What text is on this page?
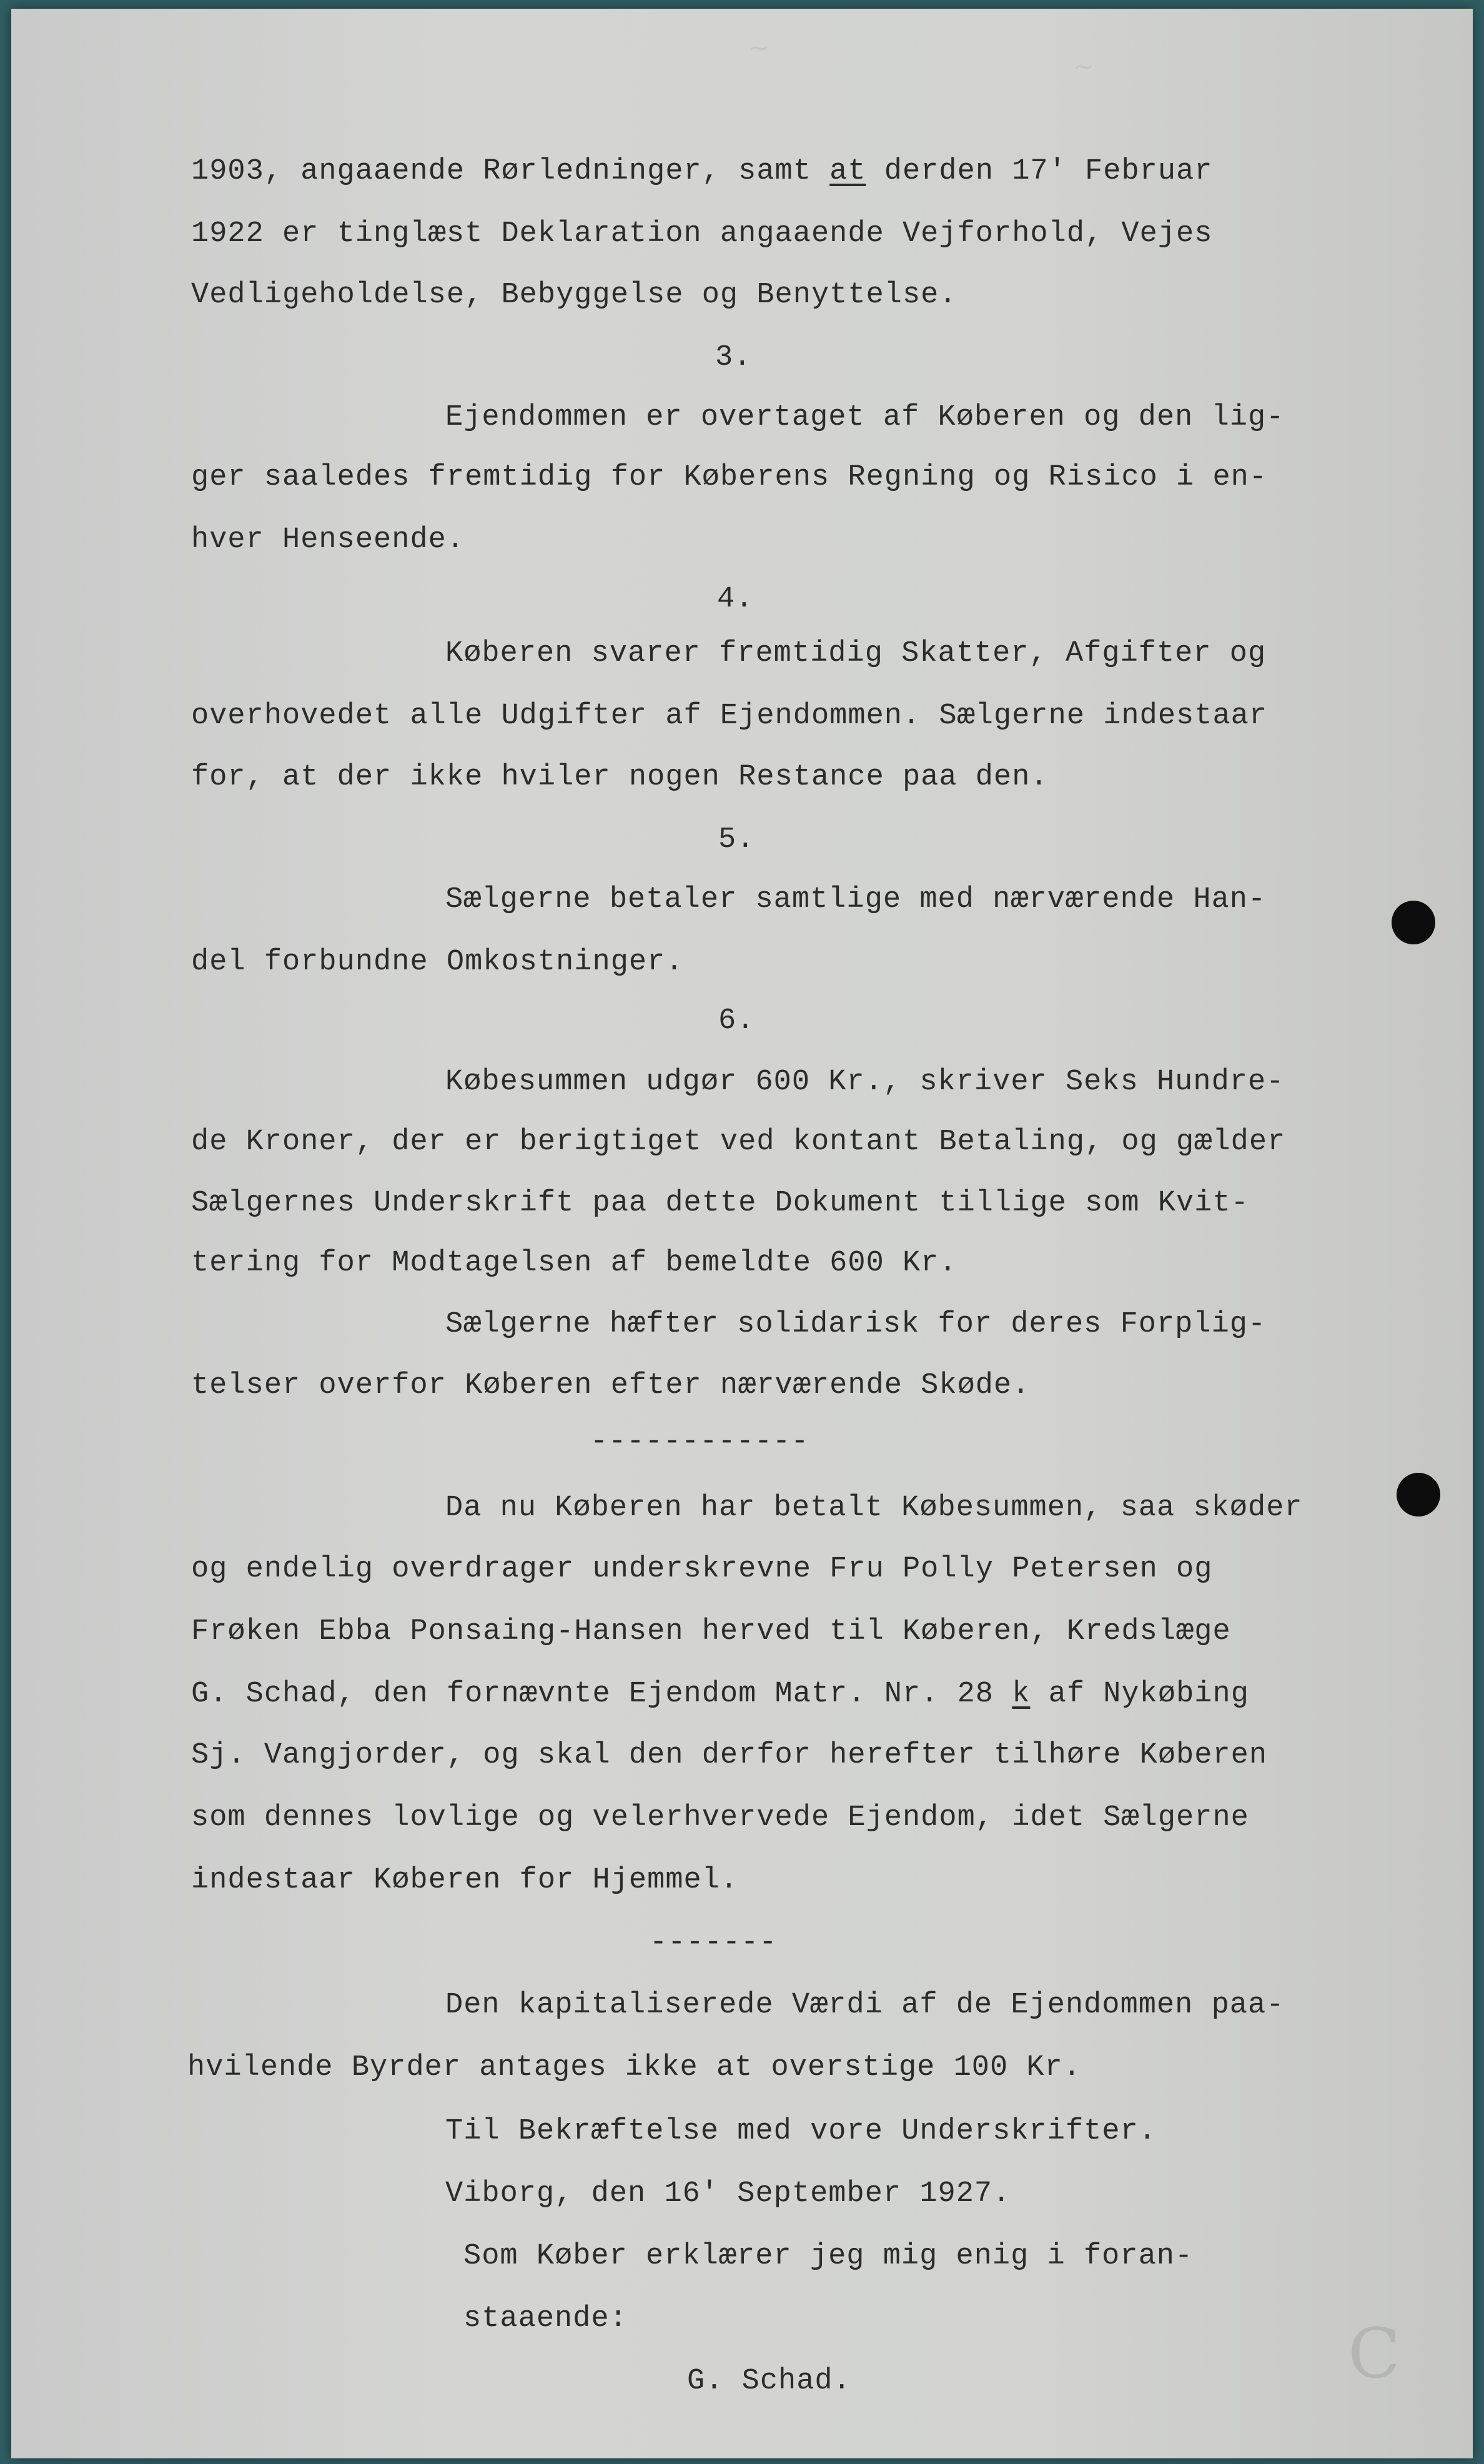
~
~
C
1903, angaaende Rørledninger, samt at derden 17' Februar
1922 er tinglæst Deklaration angaaende Vejforhold, Vejes
Vedligeholdelse, Bebyggelse og Benyttelse.
3.
Ejendommen er overtaget af Køberen og den lig-
ger saaledes fremtidig for Køberens Regning og Risico i en-
hver Henseende.
4.
Køberen svarer fremtidig Skatter, Afgifter og
overhovedet alle Udgifter af Ejendommen. Sælgerne indestaar
for, at der ikke hviler nogen Restance paa den.
5.
Sælgerne betaler samtlige med nærværende Han-
del forbundne Omkostninger.
6.
Købesummen udgør 600 Kr., skriver Seks Hundre-
de Kroner, der er berigtiget ved kontant Betaling, og gælder
Sælgernes Underskrift paa dette Dokument tillige som Kvit-
tering for Modtagelsen af bemeldte 600 Kr.
Sælgerne hæfter solidarisk for deres Forplig-
telser overfor Køberen efter nærværende Skøde.
------------
Da nu Køberen har betalt Købesummen, saa skøder
og endelig overdrager underskrevne Fru Polly Petersen og
Frøken Ebba Ponsaing-Hansen herved til Køberen, Kredslæge
G. Schad, den fornævnte Ejendom Matr. Nr. 28 k af Nykøbing
Sj. Vangjorder, og skal den derfor herefter tilhøre Køberen
som dennes lovlige og velerhvervede Ejendom, idet Sælgerne
indestaar Køberen for Hjemmel.
-------
Den kapitaliserede Værdi af de Ejendommen paa-
hvilende Byrder antages ikke at overstige 100 Kr.
Til Bekræftelse med vore Underskrifter.
Viborg, den 16' September 1927.
Som Køber erklærer jeg mig enig i foran-
staaende:
G. Schad.
